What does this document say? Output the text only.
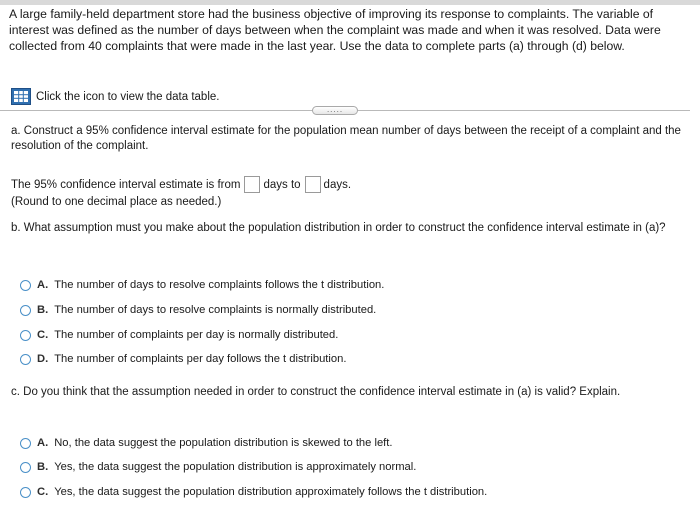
A large family-held department store had the business objective of improving its response to complaints. The variable of interest was defined as the number of days between when the complaint was made and when it was resolved. Data were collected from 40 complaints that were made in the last year. Use the data to complete parts (a) through (d) below.
Click the icon to view the data table.
.....
a. Construct a 95% confidence interval estimate for the population mean number of days between the receipt of a complaint and the resolution of the complaint.
The 95% confidence interval estimate is from days to days.
(Round to one decimal place as needed.)
b. What assumption must you make about the population distribution in order to construct the confidence interval estimate in (a)?
A. The number of days to resolve complaints follows the t distribution.
B. The number of days to resolve complaints is normally distributed.
C. The number of complaints per day is normally distributed.
D. The number of complaints per day follows the t distribution.
c. Do you think that the assumption needed in order to construct the confidence interval estimate in (a) is valid? Explain.
A. No, the data suggest the population distribution is skewed to the left.
B. Yes, the data suggest the population distribution is approximately normal.
C. Yes, the data suggest the population distribution approximately follows the t distribution.
